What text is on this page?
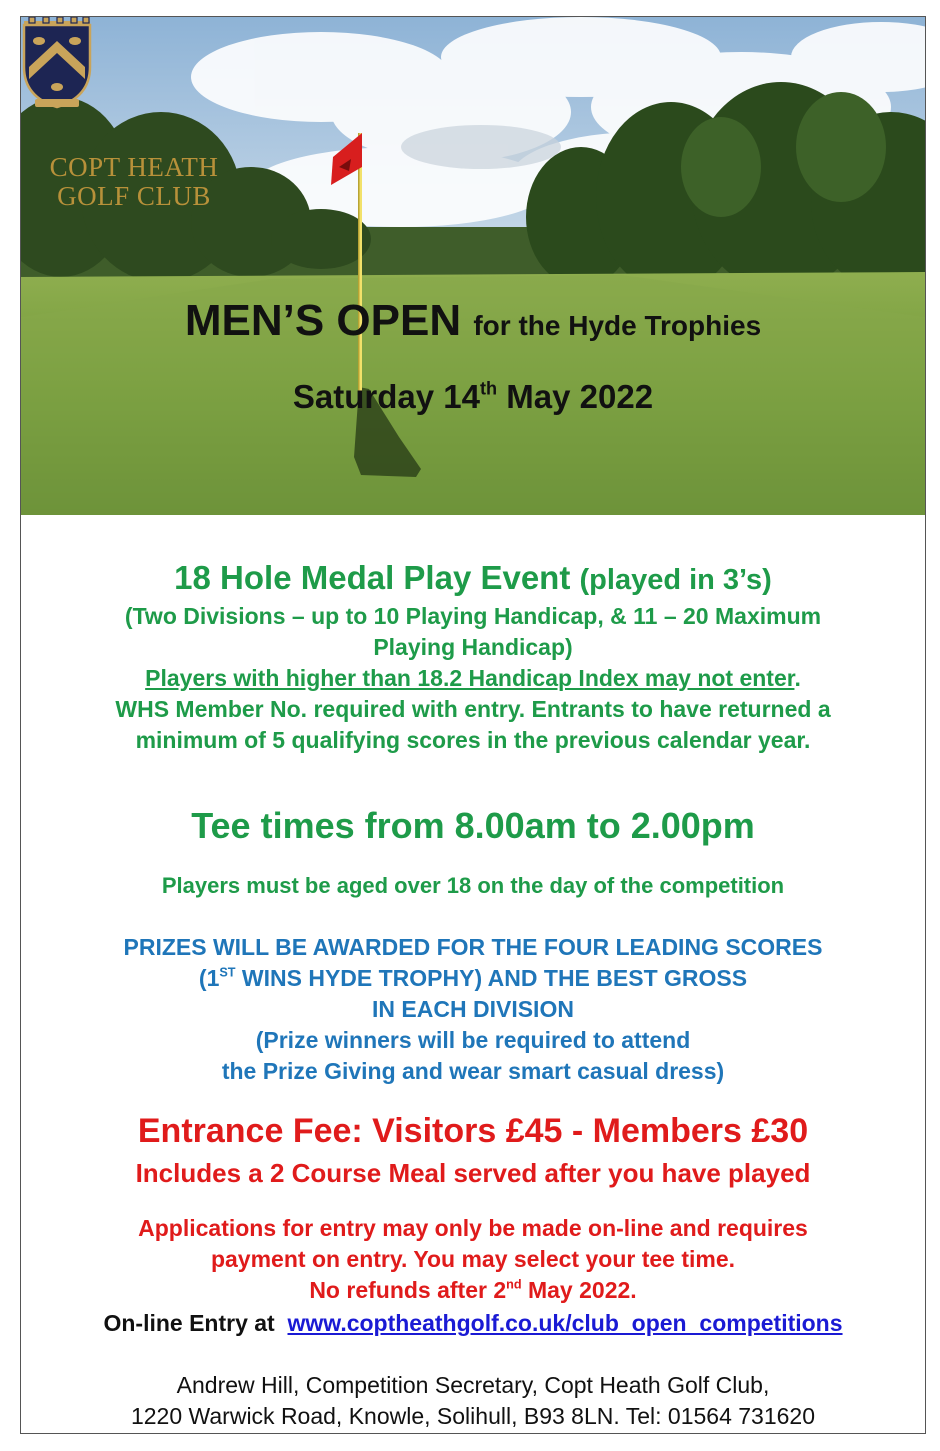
COPT HEATH
GOLF CLUB
MEN’S OPEN for the Hyde Trophies
Saturday 14th May 2022
18 Hole Medal Play Event (played in 3’s)
(Two Divisions – up to 10 Playing Handicap, & 11 – 20 Maximum
Playing Handicap)
Players with higher than 18.2 Handicap Index may not enter.
WHS Member No. required with entry. Entrants to have returned a
minimum of 5 qualifying scores in the previous calendar year.
Tee times from 8.00am to 2.00pm
Players must be aged over 18 on the day of the competition
PRIZES WILL BE AWARDED FOR THE FOUR LEADING SCORES
(1ST WINS HYDE TROPHY) AND THE BEST GROSS
IN EACH DIVISION
(Prize winners will be required to attend
the Prize Giving and wear smart casual dress)
Entrance Fee: Visitors £45 - Members £30
Includes a 2 Course Meal served after you have played
Applications for entry may only be made on-line and requires
payment on entry. You may select your tee time.
No refunds after 2nd May 2022.
On-line Entry at www.coptheathgolf.co.uk/club_open_competitions
Andrew Hill, Competition Secretary, Copt Heath Golf Club,
1220 Warwick Road, Knowle, Solihull, B93 8LN. Tel: 01564 731620
